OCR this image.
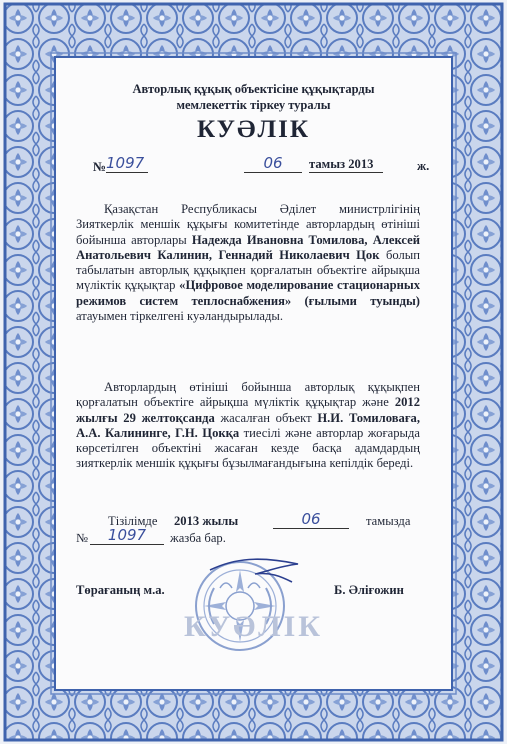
Авторлық құқық объектісіне құқықтарды
мемлекеттік тіркеу туралы
КУӘЛІК
№ 1097	06	тамыз 2013	ж.

Қазақстан Республикасы Әділет министрлігінің Зияткерлік меншік құқығы комитетінде авторлардың өтініші бойынша авторлары Надежда Ивановна Томилова, Алексей Анатольевич Калинин, Геннадий Николаевич Цок болып табылатын авторлық құқықпен қорғалатын объектіге айрықша мүліктік құқықтар «Цифровое моделирование стационарных режимов систем теплоснабжения» (ғылыми туынды) атауымен тіркелгені куәландырылады.

Авторлардың өтініші бойынша авторлық құқықпен қорғалатын объектіге айрықша мүліктік құқықтар және 2012 жылғы 29 желтоқсанда жасалған объект Н.И. Томиловаға, А.А. Калининге, Г.Н. Цокқа тиесілі және авторлар жоғарыда көрсетілген объектіні жасаған кезде басқа адамдардың зияткерлік меншік құқығы бұзылмағандығына кепілдік береді.

Тізілімде 2013 жылы	06	тамызда
№	1097	жазба бар.
Төрағаның м.а.	Б. Әліғожин
КУӘЛІК
